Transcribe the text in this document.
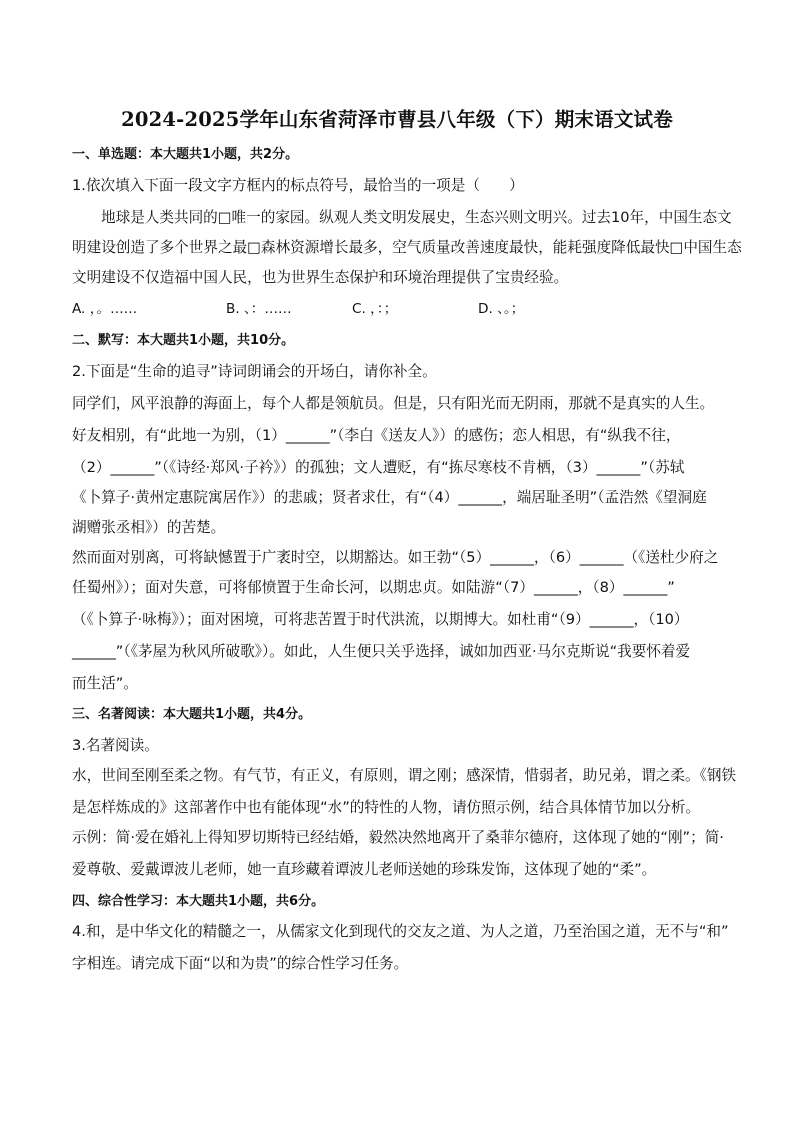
2024-2025学年山东省菏泽市曹县八年级（下）期末语文试卷
一、单选题：本大题共1小题，共2分。
1.依次填入下面一段文字方框内的标点符号，最恰当的一项是（　　）
地球是人类共同的□唯一的家园。纵观人类文明发展史，生态兴则文明兴。过去10年，中国生态文
明建设创造了多个世界之最□森林资源增长最多，空气质量改善速度最快，能耗强度降低最快□中国生态
文明建设不仅造福中国人民，也为世界生态保护和环境治理提供了宝贵经验。
A. ，。……	B. 、：……	C. ，：；	D. 、。；
二、默写：本大题共1小题，共10分。
2.下面是“生命的追寻”诗词朗诵会的开场白，请你补全。
同学们，风平浪静的海面上，每个人都是领航员。但是，只有阳光而无阴雨，那就不是真实的人生。
好友相别，有“此地一为别，（1）______”（李白《送友人》）的感伤；恋人相思，有“纵我不往，
（2）______”（《诗经·郑风·子衿》）的孤独；文人遭贬，有“拣尽寒枝不肯栖，（3）______”（苏轼
《卜算子·黄州定惠院寓居作》）的悲戚；贤者求仕，有“（4）______，端居耻圣明”（孟浩然《望洞庭
湖赠张丞相》）的苦楚。
然而面对别离，可将缺憾置于广袤时空，以期豁达。如王勃“（5）______，（6）______（《送杜少府之
任蜀州》）；面对失意，可将郁愤置于生命长河，以期忠贞。如陆游“（7）______，（8）______”
（《卜算子·咏梅》）；面对困境，可将悲苦置于时代洪流，以期博大。如杜甫“（9）______，（10）
______”（《茅屋为秋风所破歌》）。如此，人生便只关乎选择，诚如加西亚·马尔克斯说“我要怀着爱
而生活”。
三、名著阅读：本大题共1小题，共4分。
3.名著阅读。
水，世间至刚至柔之物。有气节，有正义，有原则，谓之刚；感深情，惜弱者，助兄弟，谓之柔。《钢铁
是怎样炼成的》这部著作中也有能体现“水”的特性的人物，请仿照示例，结合具体情节加以分析。
示例：简·爱在婚礼上得知罗切斯特已经结婚，毅然决然地离开了桑菲尔德府，这体现了她的“刚”；简·
爱尊敬、爱戴谭波儿老师，她一直珍藏着谭波儿老师送她的珍珠发饰，这体现了她的“柔”。
四、综合性学习：本大题共1小题，共6分。
4.和，是中华文化的精髓之一，从儒家文化到现代的交友之道、为人之道，乃至治国之道，无不与“和”
字相连。请完成下面“以和为贵”的综合性学习任务。
